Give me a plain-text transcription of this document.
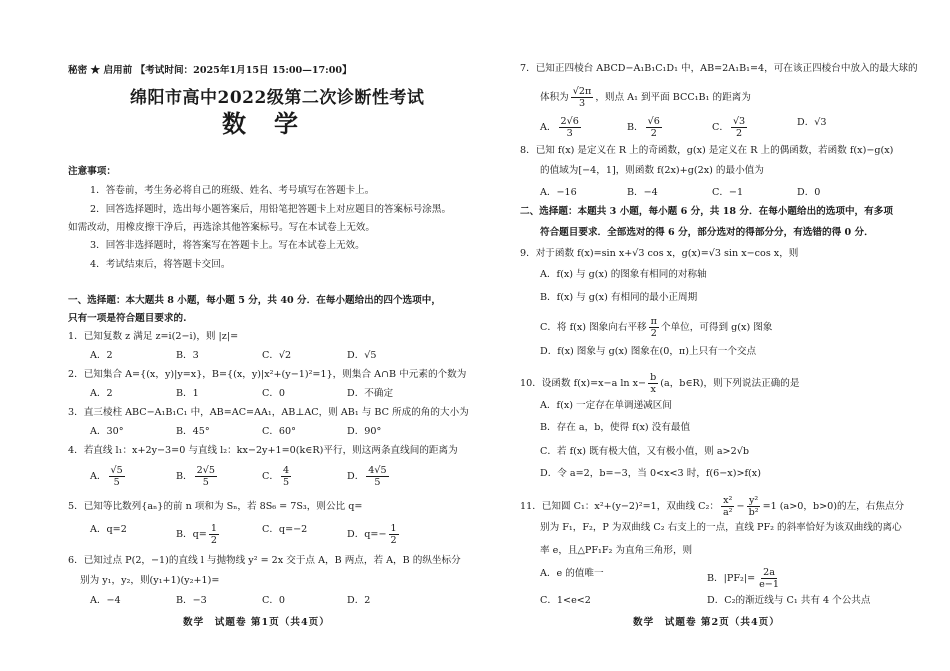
秘密 ★ 启用前 【考试时间：2025年1月15日 15:00—17:00】
绵阳市高中2022级第二次诊断性考试
数　学
注意事项：
1．答卷前，考生务必将自己的班级、姓名、考号填写在答题卡上。
2．回答选择题时，选出每小题答案后，用铅笔把答题卡上对应题目的答案标号涂黑。
如需改动，用橡皮擦干净后，再选涂其他答案标号。写在本试卷上无效。
3．回答非选择题时，将答案写在答题卡上。写在本试卷上无效。
4．考试结束后，将答题卡交回。
一、选择题：本大题共 8 小题，每小题 5 分，共 40 分．在每小题给出的四个选项中，
只有一项是符合题目要求的.
数学　试题卷 第1页（共4页）
二、选择题：本题共 3 小题，每小题 6 分，共 18 分．在每小题给出的选项中，有多项
符合题目要求．全部选对的得 6 分，部分选对的得部分分，有选错的得 0 分．
数学　试题卷 第2页（共4页）
1．已知复数 z 满足 z=i(2−i)，则 |z|=
A．2	B．3	C．√2	D．√5
2．已知集合 A={(x，y)|y=x}，B={(x，y)|x²+(y−1)²=1}，则集合 A∩B 中元素的个数为
A．2	B．1	C．0	D．不确定
3．直三棱柱 ABC−A₁B₁C₁ 中，AB=AC=AA₁，AB⊥AC，则 AB₁ 与 BC 所成的角的大小为
A．30°	B．45°	C．60°	D．90°
4．若直线 l₁：x+2y−3=0 与直线 l₂：kx−2y+1=0(k∈R)平行，则这两条直线间的距离为
A． $\frac{√5}{5}$	B． $\frac{2√5}{5}$	C． $\frac{4}{5}$	D． $\frac{4√5}{5}$
5．已知等比数列{aₙ}的前 n 项和为 Sₙ，若 8S₆ = 7S₃，则公比 q=
A．q=2	B．$q= \frac{1}{2}$	C．q=−2	D．$q=- \frac{1}{2}$
6．已知过点 P(2，−1)的直线 l 与抛物线 y² = 2x 交于点 A，B 两点，若 A，B 的纵坐标分
别为 y₁，y₂，则(y₁+1)(y₂+1)=
A．−4	B．−3	C．0	D．2
7．已知正四棱台 ABCD−A₁B₁C₁D₁ 中，AB=2A₁B₁=4，可在该正四棱台中放入的最大球的
体积为 $\frac{√2\pi}{3}$ ，则点 A₁ 到平面 BCC₁B₁ 的距离为
A． $\frac{2√6}{3}$	B． $\frac{√6}{2}$	C． $\frac{√3}{2}$	D．√3
8．已知 f(x) 是定义在 R 上的奇函数，g(x) 是定义在 R 上的偶函数，若函数 f(x)−g(x)
的值域为[−4，1]，则函数 f(2x)+g(2x) 的最小值为
A．−16	B．−4	C．−1	D．0
9．对于函数 f(x)=sin x+√3 cos x，g(x)=√3 sin x−cos x，则
A．f(x) 与 g(x) 的图象有相同的对称轴
B．f(x) 与 g(x) 有相同的最小正周期
C．将 f(x) 图象向右平移 $\frac{\pi}{2}$ 个单位，可得到 g(x) 图象
D．f(x) 图象与 g(x) 图象在(0，π)上只有一个交点
10．设函数 f(x)=x−a $\ln x- \frac{b}{x} (a$，b∈R)，则下列说法正确的是
A．f(x) 一定存在单调递减区间
B．存在 a，b，使得 f(x) 没有最值
C．若 f(x) 既有极大值，又有极小值，则 a>2√b
D．令 a=2，b=−3，当 0<x<3 时，f(6−x)>f(x)
11．已知圆 C₁：x²+(y−2)²=1，双曲线 C₂： $\frac{\text{x²}}{\text{a²}} - \frac{\text{y²}}{\text{b²}} =1$ (a>0，b>0)的左，右焦点分
别为 F₁，F₂，P 为双曲线 C₂ 右支上的一点，直线 PF₂ 的斜率恰好为该双曲线的离心
率 e，且△PF₁F₂ 为直角三角形，则
A．e 的值唯一	B．$|PF_2|= \frac{2a}{e-1}$
C．1<e<2	D．C₂的渐近线与 C₁ 共有 4 个公共点
